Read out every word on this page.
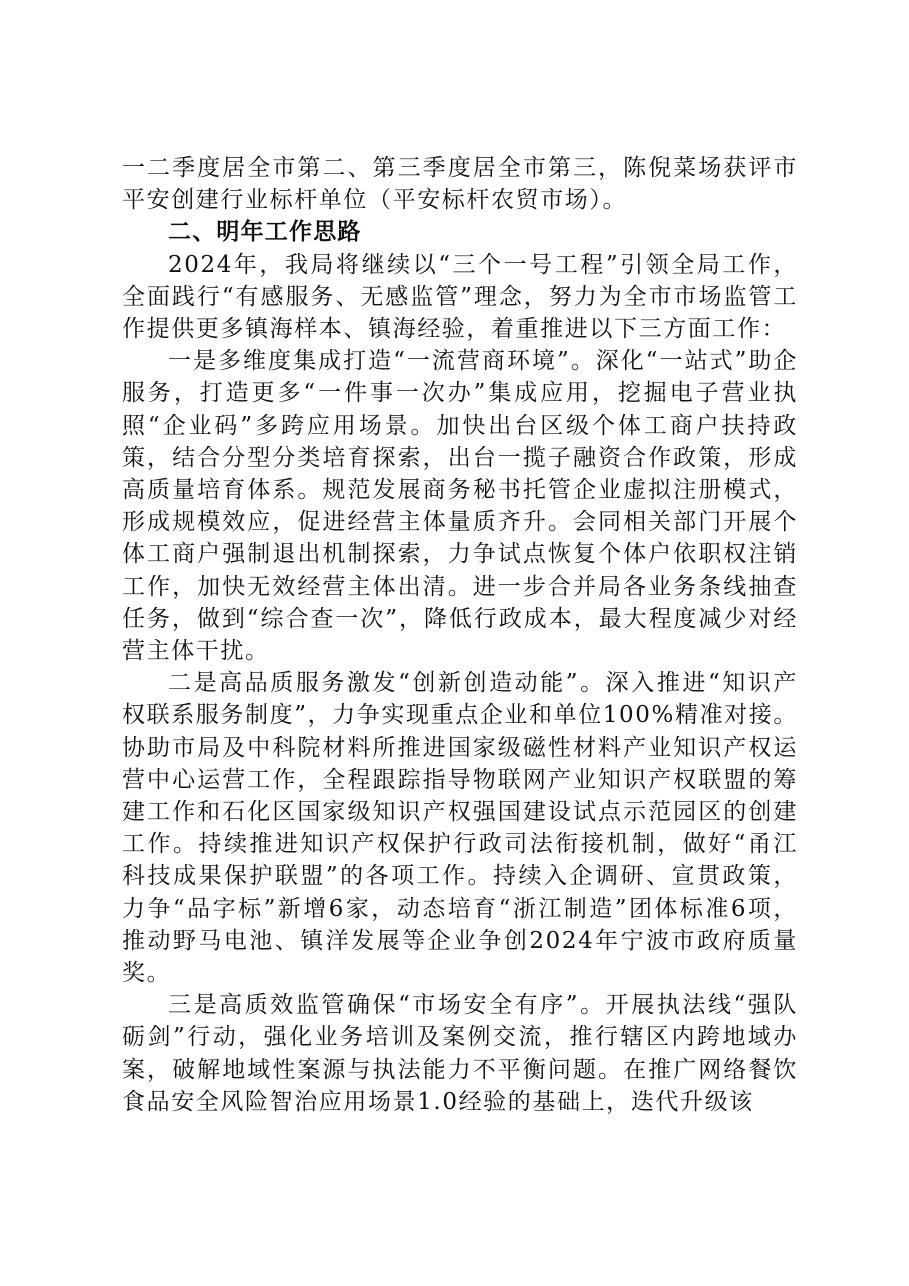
一二季度居全市第二、第三季度居全市第三，陈倪菜场获评市平安创建行业标杆单位（平安标杆农贸市场）。

二、明年工作思路

2024年，我局将继续以“三个一号工程”引领全局工作，全面践行“有感服务、无感监管”理念，努力为全市市场监管工作提供更多镇海样本、镇海经验，着重推进以下三方面工作：

一是多维度集成打造“一流营商环境”。深化“一站式”助企服务，打造更多“一件事一次办”集成应用，挖掘电子营业执照“企业码”多跨应用场景。加快出台区级个体工商户扶持政策，结合分型分类培育探索，出台一揽子融资合作政策，形成高质量培育体系。规范发展商务秘书托管企业虚拟注册模式，形成规模效应，促进经营主体量质齐升。会同相关部门开展个体工商户强制退出机制探索，力争试点恢复个体户依职权注销工作，加快无效经营主体出清。进一步合并局各业务条线抽查任务，做到“综合查一次”，降低行政成本，最大程度减少对经营主体干扰。

二是高品质服务激发“创新创造动能”。深入推进“知识产权联系服务制度”，力争实现重点企业和单位100%精准对接。协助市局及中科院材料所推进国家级磁性材料产业知识产权运营中心运营工作，全程跟踪指导物联网产业知识产权联盟的筹建工作和石化区国家级知识产权强国建设试点示范园区的创建工作。持续推进知识产权保护行政司法衔接机制，做好“甬江科技成果保护联盟”的各项工作。持续入企调研、宣贯政策，力争“品字标”新增6家，动态培育“浙江制造”团体标准6项，推动野马电池、镇洋发展等企业争创2024年宁波市政府质量奖。

三是高质效监管确保“市场安全有序”。开展执法线“强队砺剑”行动，强化业务培训及案例交流，推行辖区内跨地域办案，破解地域性案源与执法能力不平衡问题。在推广网络餐饮食品安全风险智治应用场景1.0经验的基础上，迭代升级该
